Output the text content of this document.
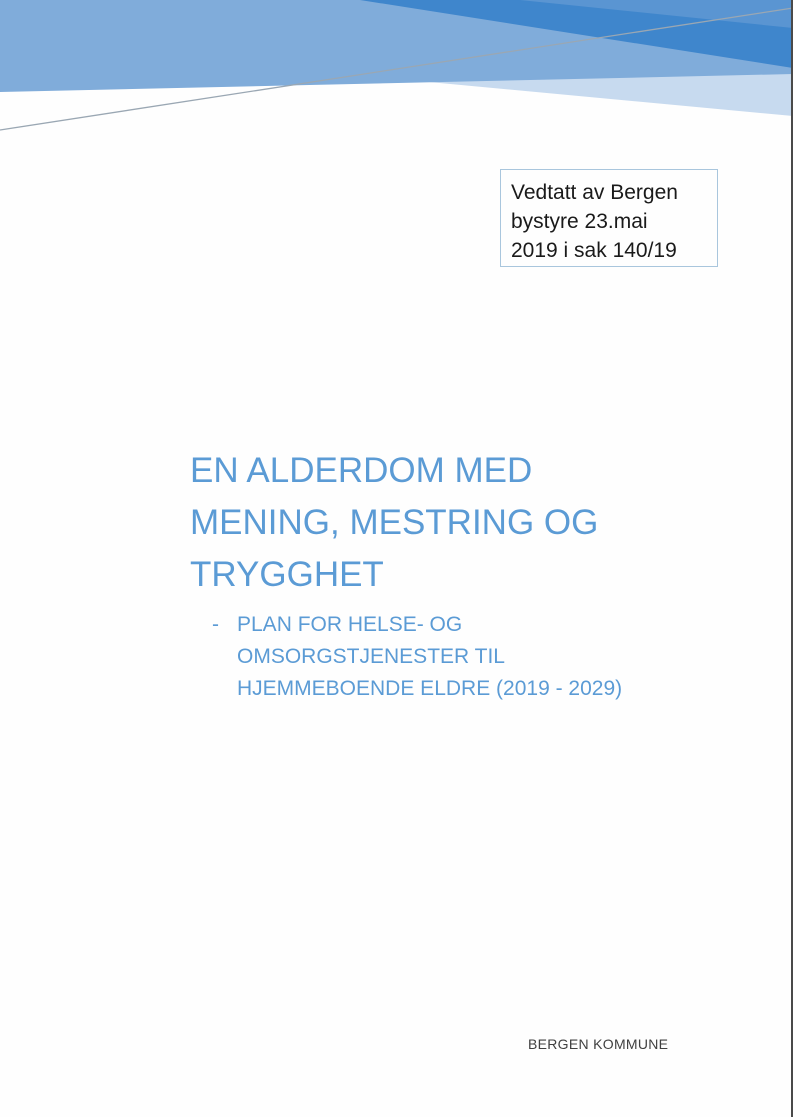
Vedtatt av Bergen
bystyre 23.mai
2019 i sak 140/19
EN ALDERDOM MED
MENING, MESTRING OG
TRYGGHET
- PLAN FOR HELSE- OG
OMSORGSTJENESTER TIL
HJEMMEBOENDE ELDRE (2019 - 2029)
BERGEN KOMMUNE
